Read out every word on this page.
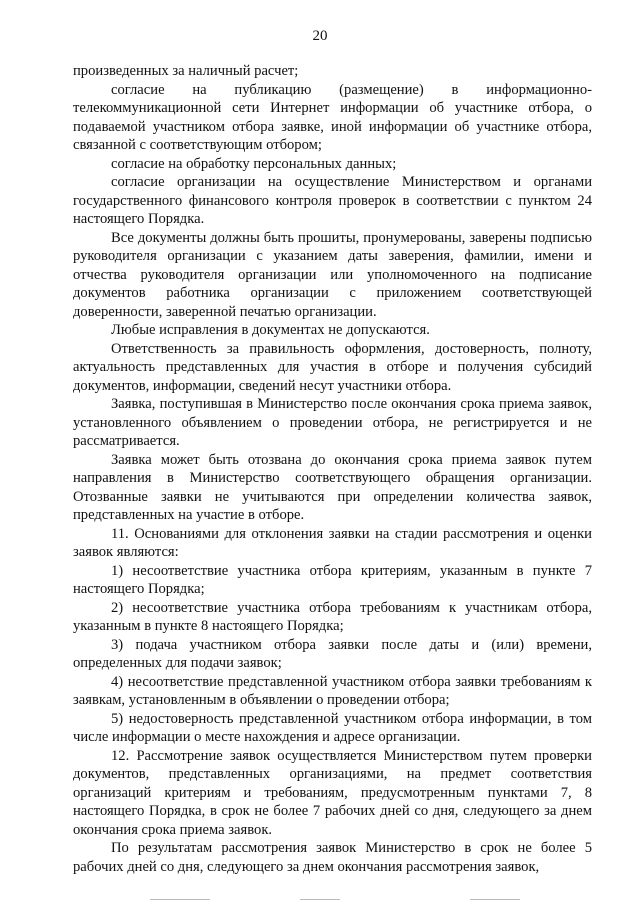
20

произведенных за наличный расчет;

согласие на публикацию (размещение) в информационно-телекоммуникационной сети Интернет информации об участнике отбора, о подаваемой участником отбора заявке, иной информации об участнике отбора, связанной с соответствующим отбором;

согласие на обработку персональных данных;

согласие организации на осуществление Министерством и органами государственного финансового контроля проверок в соответствии с пунктом 24 настоящего Порядка.

Все документы должны быть прошиты, пронумерованы, заверены подписью руководителя организации с указанием даты заверения, фамилии, имени и отчества руководителя организации или уполномоченного на подписание документов работника организации с приложением соответствующей доверенности, заверенной печатью организации.

Любые исправления в документах не допускаются.

Ответственность за правильность оформления, достоверность, полноту, актуальность представленных для участия в отборе и получения субсидий документов, информации, сведений несут участники отбора.

Заявка, поступившая в Министерство после окончания срока приема заявок, установленного объявлением о проведении отбора, не регистрируется и не рассматривается.

Заявка может быть отозвана до окончания срока приема заявок путем направления в Министерство соответствующего обращения организации. Отозванные заявки не учитываются при определении количества заявок, представленных на участие в отборе.

11. Основаниями для отклонения заявки на стадии рассмотрения и оценки заявок являются:

1) несоответствие участника отбора критериям, указанным в пункте 7 настоящего Порядка;

2) несоответствие участника отбора требованиям к участникам отбора, указанным в пункте 8 настоящего Порядка;

3) подача участником отбора заявки после даты и (или) времени, определенных для подачи заявок;

4) несоответствие представленной участником отбора заявки требованиям к заявкам, установленным в объявлении о проведении отбора;

5) недостоверность представленной участником отбора информации, в том числе информации о месте нахождения и адресе организации.

12. Рассмотрение заявок осуществляется Министерством путем проверки документов, представленных организациями, на предмет соответствия организаций критериям и требованиям, предусмотренным пунктами 7, 8 настоящего Порядка, в срок не более 7 рабочих дней со дня, следующего за днем окончания срока приема заявок.

По результатам рассмотрения заявок Министерство в срок не более 5 рабочих дней со дня, следующего за днем окончания рассмотрения заявок,
